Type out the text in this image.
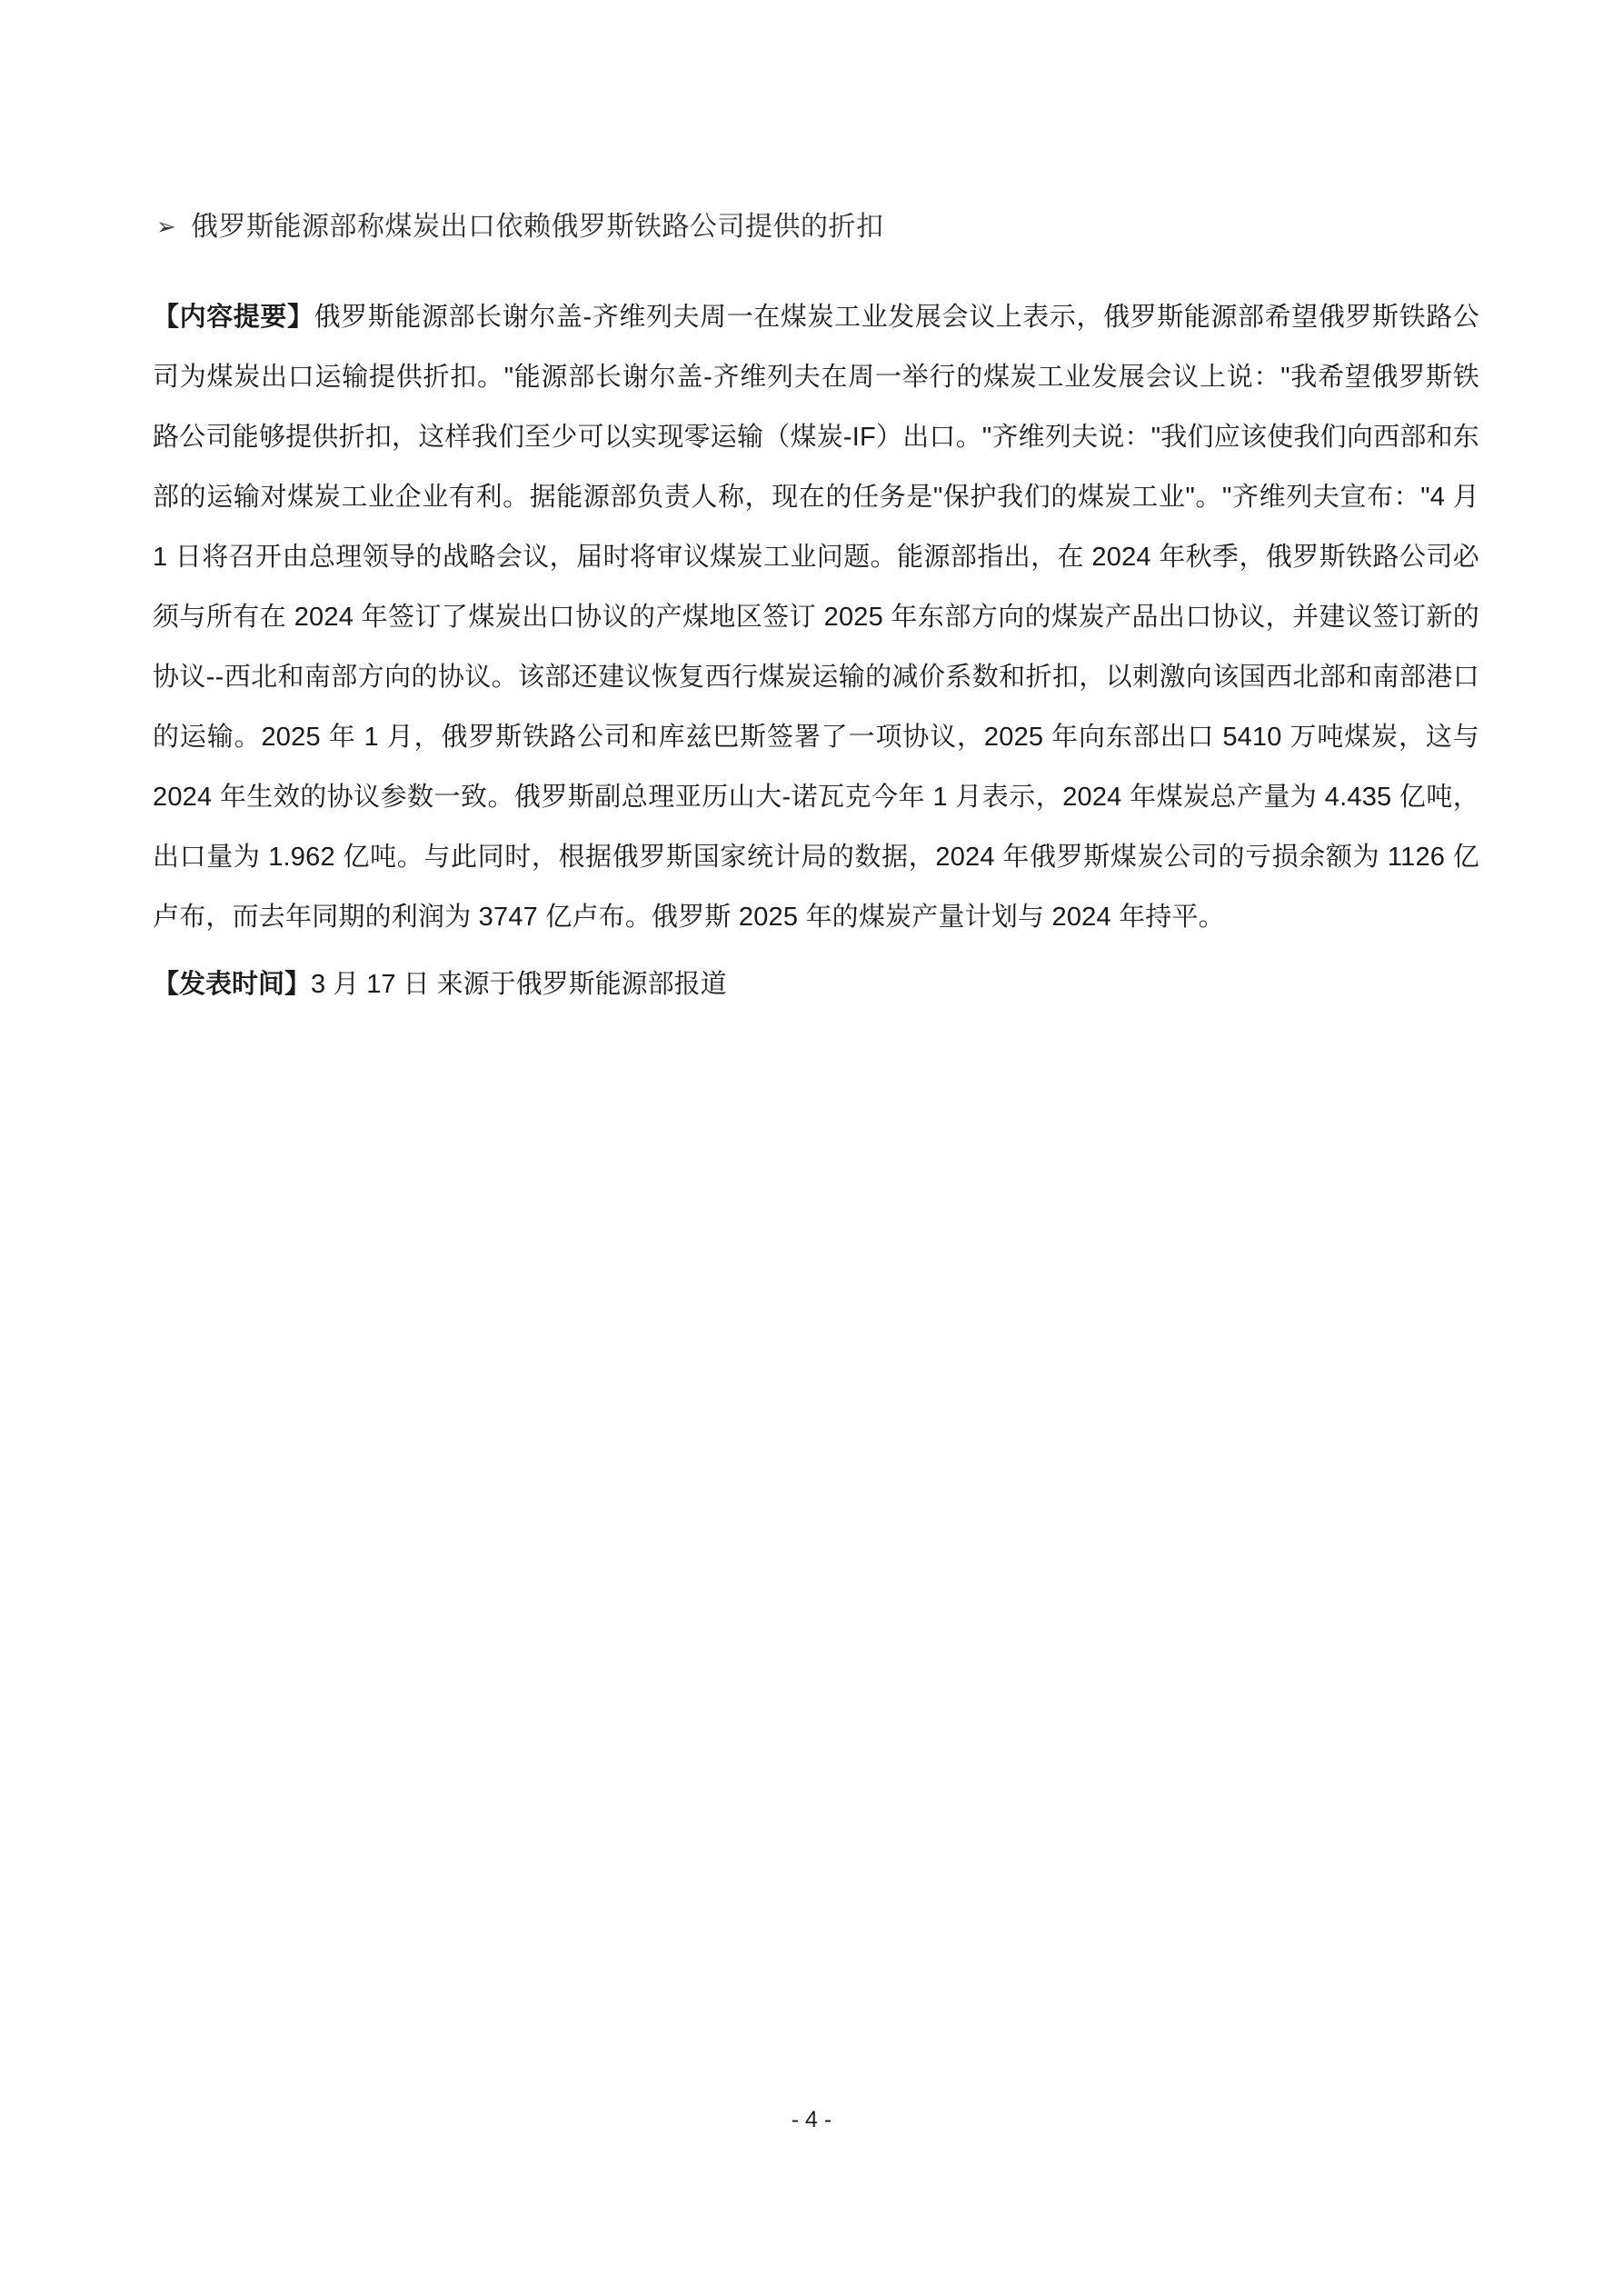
➢ 俄罗斯能源部称煤炭出口依赖俄罗斯铁路公司提供的折扣

【内容提要】俄罗斯能源部长谢尔盖-齐维列夫周一在煤炭工业发展会议上表示，俄罗斯能源部希望俄罗斯铁路公司为煤炭出口运输提供折扣。"能源部长谢尔盖-齐维列夫在周一举行的煤炭工业发展会议上说："我希望俄罗斯铁路公司能够提供折扣，这样我们至少可以实现零运输（煤炭-IF）出口。"齐维列夫说："我们应该使我们向西部和东部的运输对煤炭工业企业有利。据能源部负责人称，现在的任务是"保护我们的煤炭工业"。"齐维列夫宣布："4 月 1 日将召开由总理领导的战略会议，届时将审议煤炭工业问题。能源部指出，在 2024 年秋季，俄罗斯铁路公司必须与所有在 2024 年签订了煤炭出口协议的产煤地区签订 2025 年东部方向的煤炭产品出口协议，并建议签订新的协议--西北和南部方向的协议。该部还建议恢复西行煤炭运输的减价系数和折扣，以刺激向该国西北部和南部港口的运输。2025 年 1 月，俄罗斯铁路公司和库兹巴斯签署了一项协议，2025 年向东部出口 5410 万吨煤炭，这与 2024 年生效的协议参数一致。俄罗斯副总理亚历山大-诺瓦克今年 1 月表示，2024 年煤炭总产量为 4.435 亿吨，出口量为 1.962 亿吨。与此同时，根据俄罗斯国家统计局的数据，2024 年俄罗斯煤炭公司的亏损余额为 1126 亿卢布，而去年同期的利润为 3747 亿卢布。俄罗斯 2025 年的煤炭产量计划与 2024 年持平。

【发表时间】3 月 17 日 来源于俄罗斯能源部报道

- 4 -
